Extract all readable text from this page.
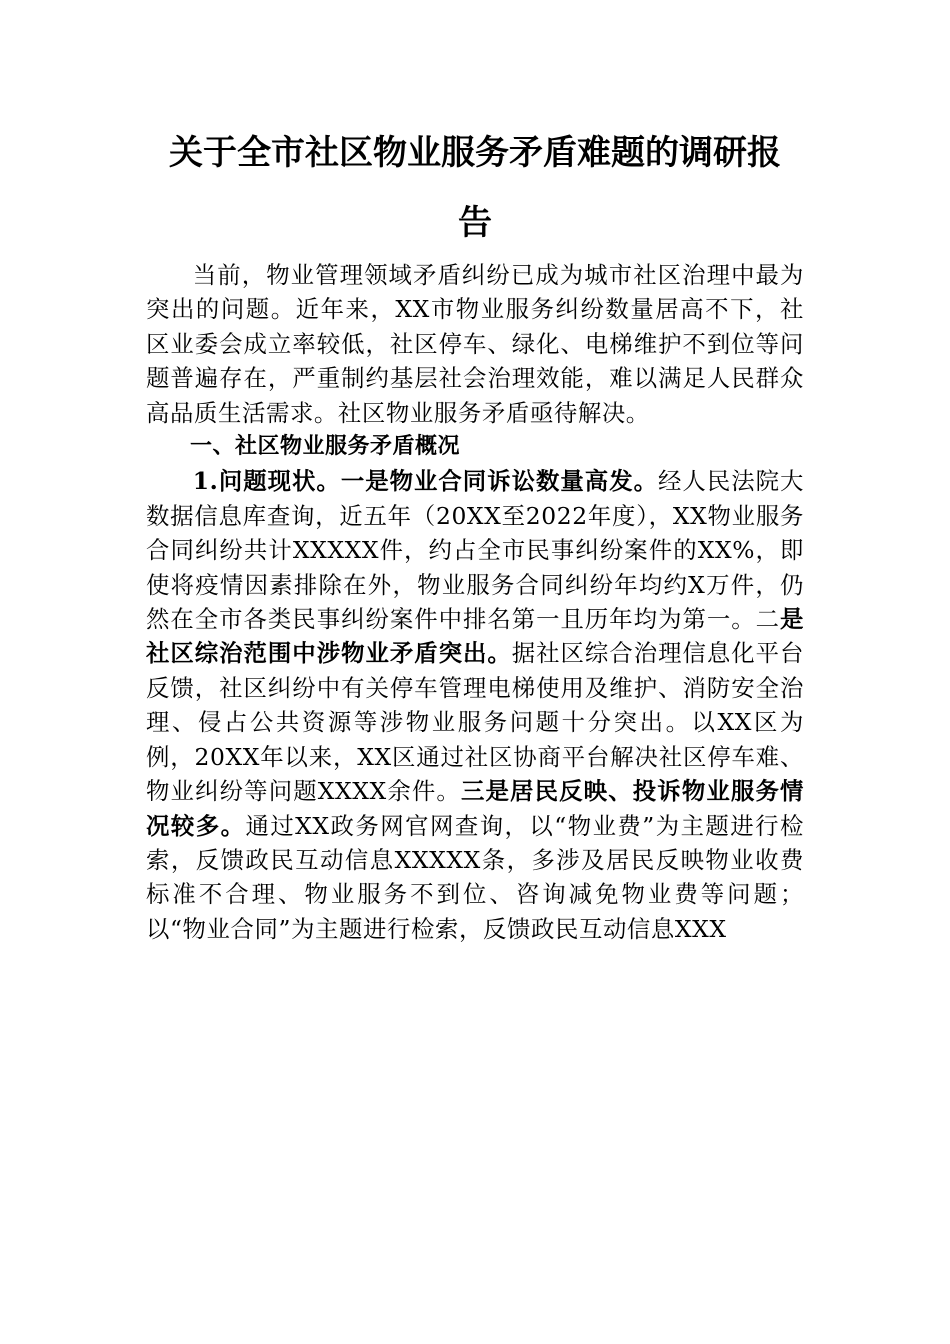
关于全市社区物业服务矛盾难题的调研报
告

当前，物业管理领域矛盾纠纷已成为城市社区治理中最为突出的问题。近年来，XX市物业服务纠纷数量居高不下，社区业委会成立率较低，社区停车、绿化、电梯维护不到位等问题普遍存在，严重制约基层社会治理效能，难以满足人民群众高品质生活需求。社区物业服务矛盾亟待解决。

一、社区物业服务矛盾概况

1.问题现状。一是物业合同诉讼数量高发。经人民法院大数据信息库查询，近五年（20XX至2022年度），XX物业服务合同纠纷共计XXXXX件，约占全市民事纠纷案件的XX%，即使将疫情因素排除在外，物业服务合同纠纷年均约X万件，仍然在全市各类民事纠纷案件中排名第一且历年均为第一。二是社区综治范围中涉物业矛盾突出。据社区综合治理信息化平台反馈，社区纠纷中有关停车管理电梯使用及维护、消防安全治理、侵占公共资源等涉物业服务问题十分突出。以XX区为例，20XX年以来，XX区通过社区协商平台解决社区停车难、物业纠纷等问题XXXX余件。三是居民反映、投诉物业服务情况较多。通过XX政务网官网查询，以“物业费”为主题进行检索，反馈政民互动信息XXXXX条，多涉及居民反映物业收费标准不合理、物业服务不到位、咨询减免物业费等问题；以“物业合同”为主题进行检索，反馈政民互动信息XXX
